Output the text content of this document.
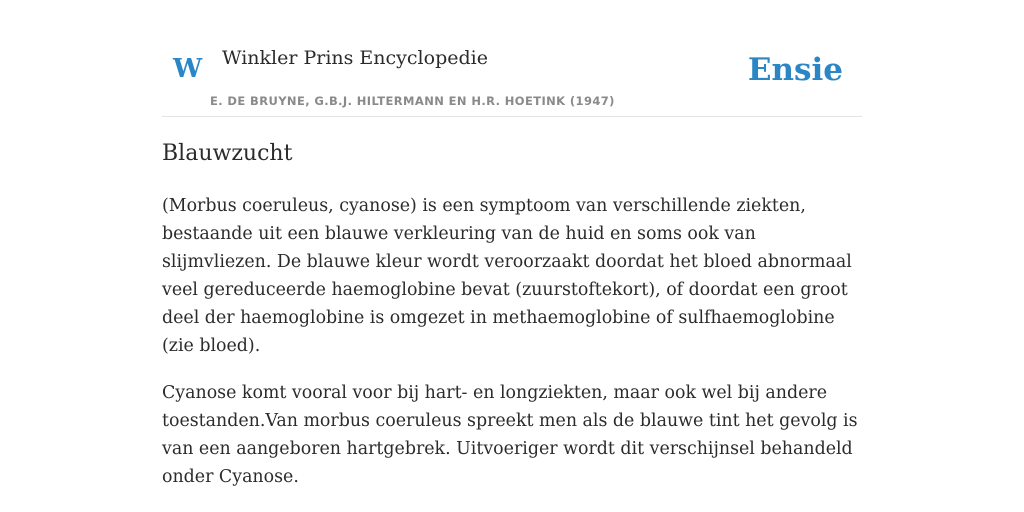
W Winkler Prins Encyclopedie
E. DE BRUYNE, G.B.J. HILTERMANN EN H.R. HOETINK (1947)
Ensie
Blauwzucht

(Morbus coeruleus, cyanose) is een symptoom van verschillende ziekten, bestaande uit een blauwe verkleuring van de huid en soms ook van slijmvliezen. De blauwe kleur wordt veroorzaakt doordat het bloed abnormaal veel gereduceerde haemoglobine bevat (zuurstoftekort), of doordat een groot deel der haemoglobine is omgezet in methaemoglobine of sulfhaemoglobine (zie bloed).

Cyanose komt vooral voor bij hart- en longziekten, maar ook wel bij andere toestanden.Van morbus coeruleus spreekt men als de blauwe tint het gevolg is van een aangeboren hartgebrek. Uitvoeriger wordt dit verschijnsel behandeld onder Cyanose.
